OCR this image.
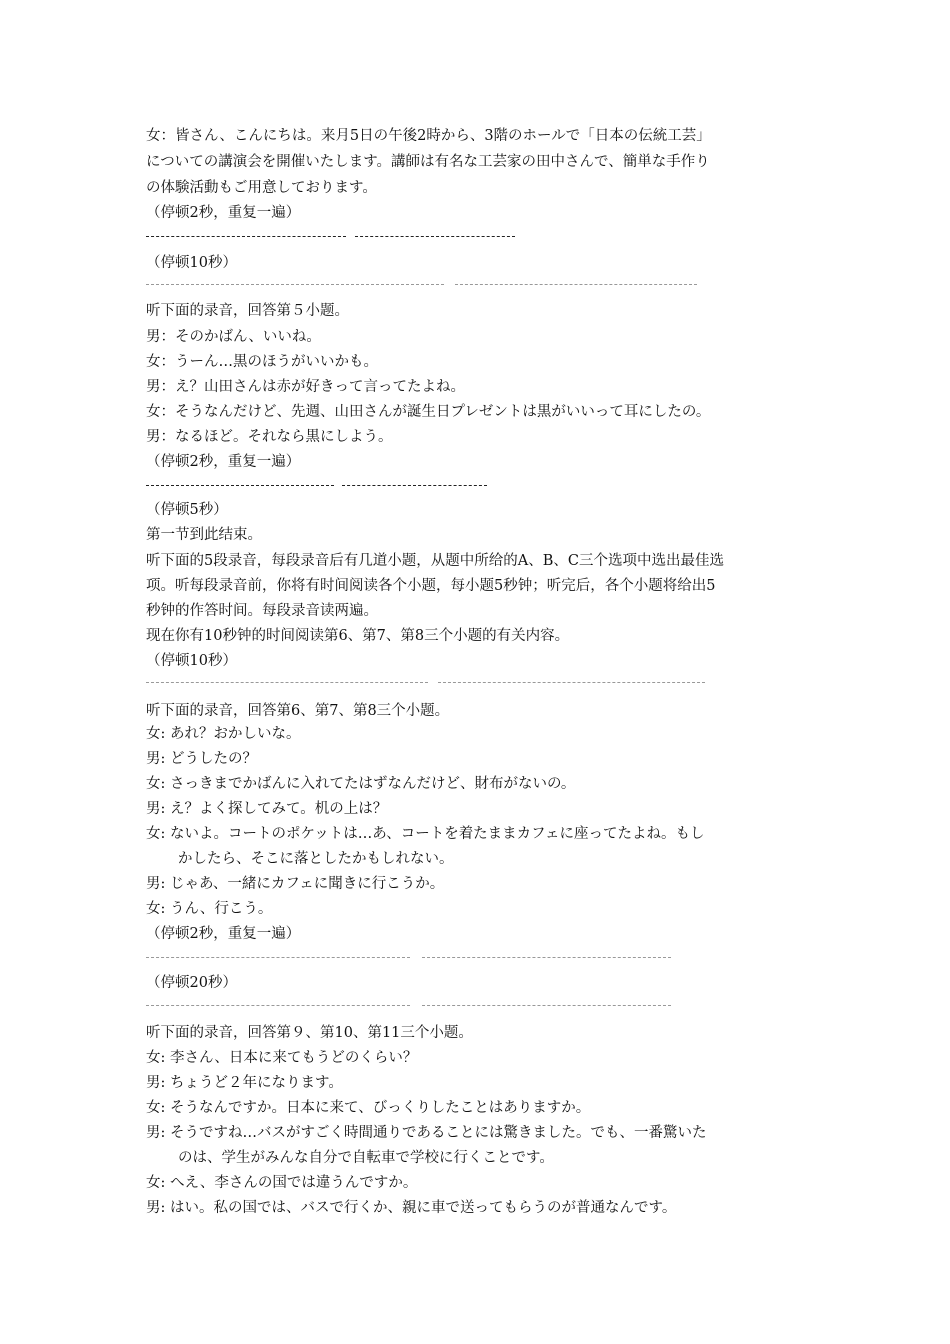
女：皆さん、こんにちは。来月5日の午後2時から、3階のホールで「日本の伝統工芸」
についての講演会を開催いたします。講師は有名な工芸家の田中さんで、簡単な手作り
の体験活動もご用意しております。
（停顿2秒，重复一遍）
（停顿10秒）
听下面的录音，回答第５小题。
男：そのかばん、いいね。
女：うーん…黒のほうがいいかも。
男：え？山田さんは赤が好きって言ってたよね。
女：そうなんだけど、先週、山田さんが誕生日プレゼントは黒がいいって耳にしたの。
男：なるほど。それなら黒にしよう。
（停顿2秒，重复一遍）
（停顿5秒）
第一节到此结束。
听下面的5段录音，每段录音后有几道小题，从题中所给的A、B、C三个选项中选出最佳选
项。听每段录音前，你将有时间阅读各个小题，每小题5秒钟；听完后，各个小题将给出5
秒钟的作答时间。每段录音读两遍。
现在你有10秒钟的时间阅读第6、第7、第8三个小题的有关内容。
（停顿10秒）
听下面的录音，回答第6、第7、第8三个小题。
女: あれ？おかしいな。
男: どうしたの？
女: さっきまでかばんに入れてたはずなんだけど、財布がないの。
男: え？よく探してみて。机の上は？
女: ないよ。コートのポケットは…あ、コートを着たままカフェに座ってたよね。もし
かしたら、そこに落としたかもしれない。
男: じゃあ、一緒にカフェに聞きに行こうか。
女: うん、行こう。
（停顿2秒，重复一遍）
（停顿20秒）
听下面的录音，回答第９、第10、第11三个小题。
女: 李さん、日本に来てもうどのくらい？
男: ちょうど２年になります。
女: そうなんですか。日本に来て、びっくりしたことはありますか。
男: そうですね…バスがすごく時間通りであることには驚きました。でも、一番驚いた
のは、学生がみんな自分で自転車で学校に行くことです。
女: へえ、李さんの国では違うんですか。
男: はい。私の国では、バスで行くか、親に車で送ってもらうのが普通なんです。
